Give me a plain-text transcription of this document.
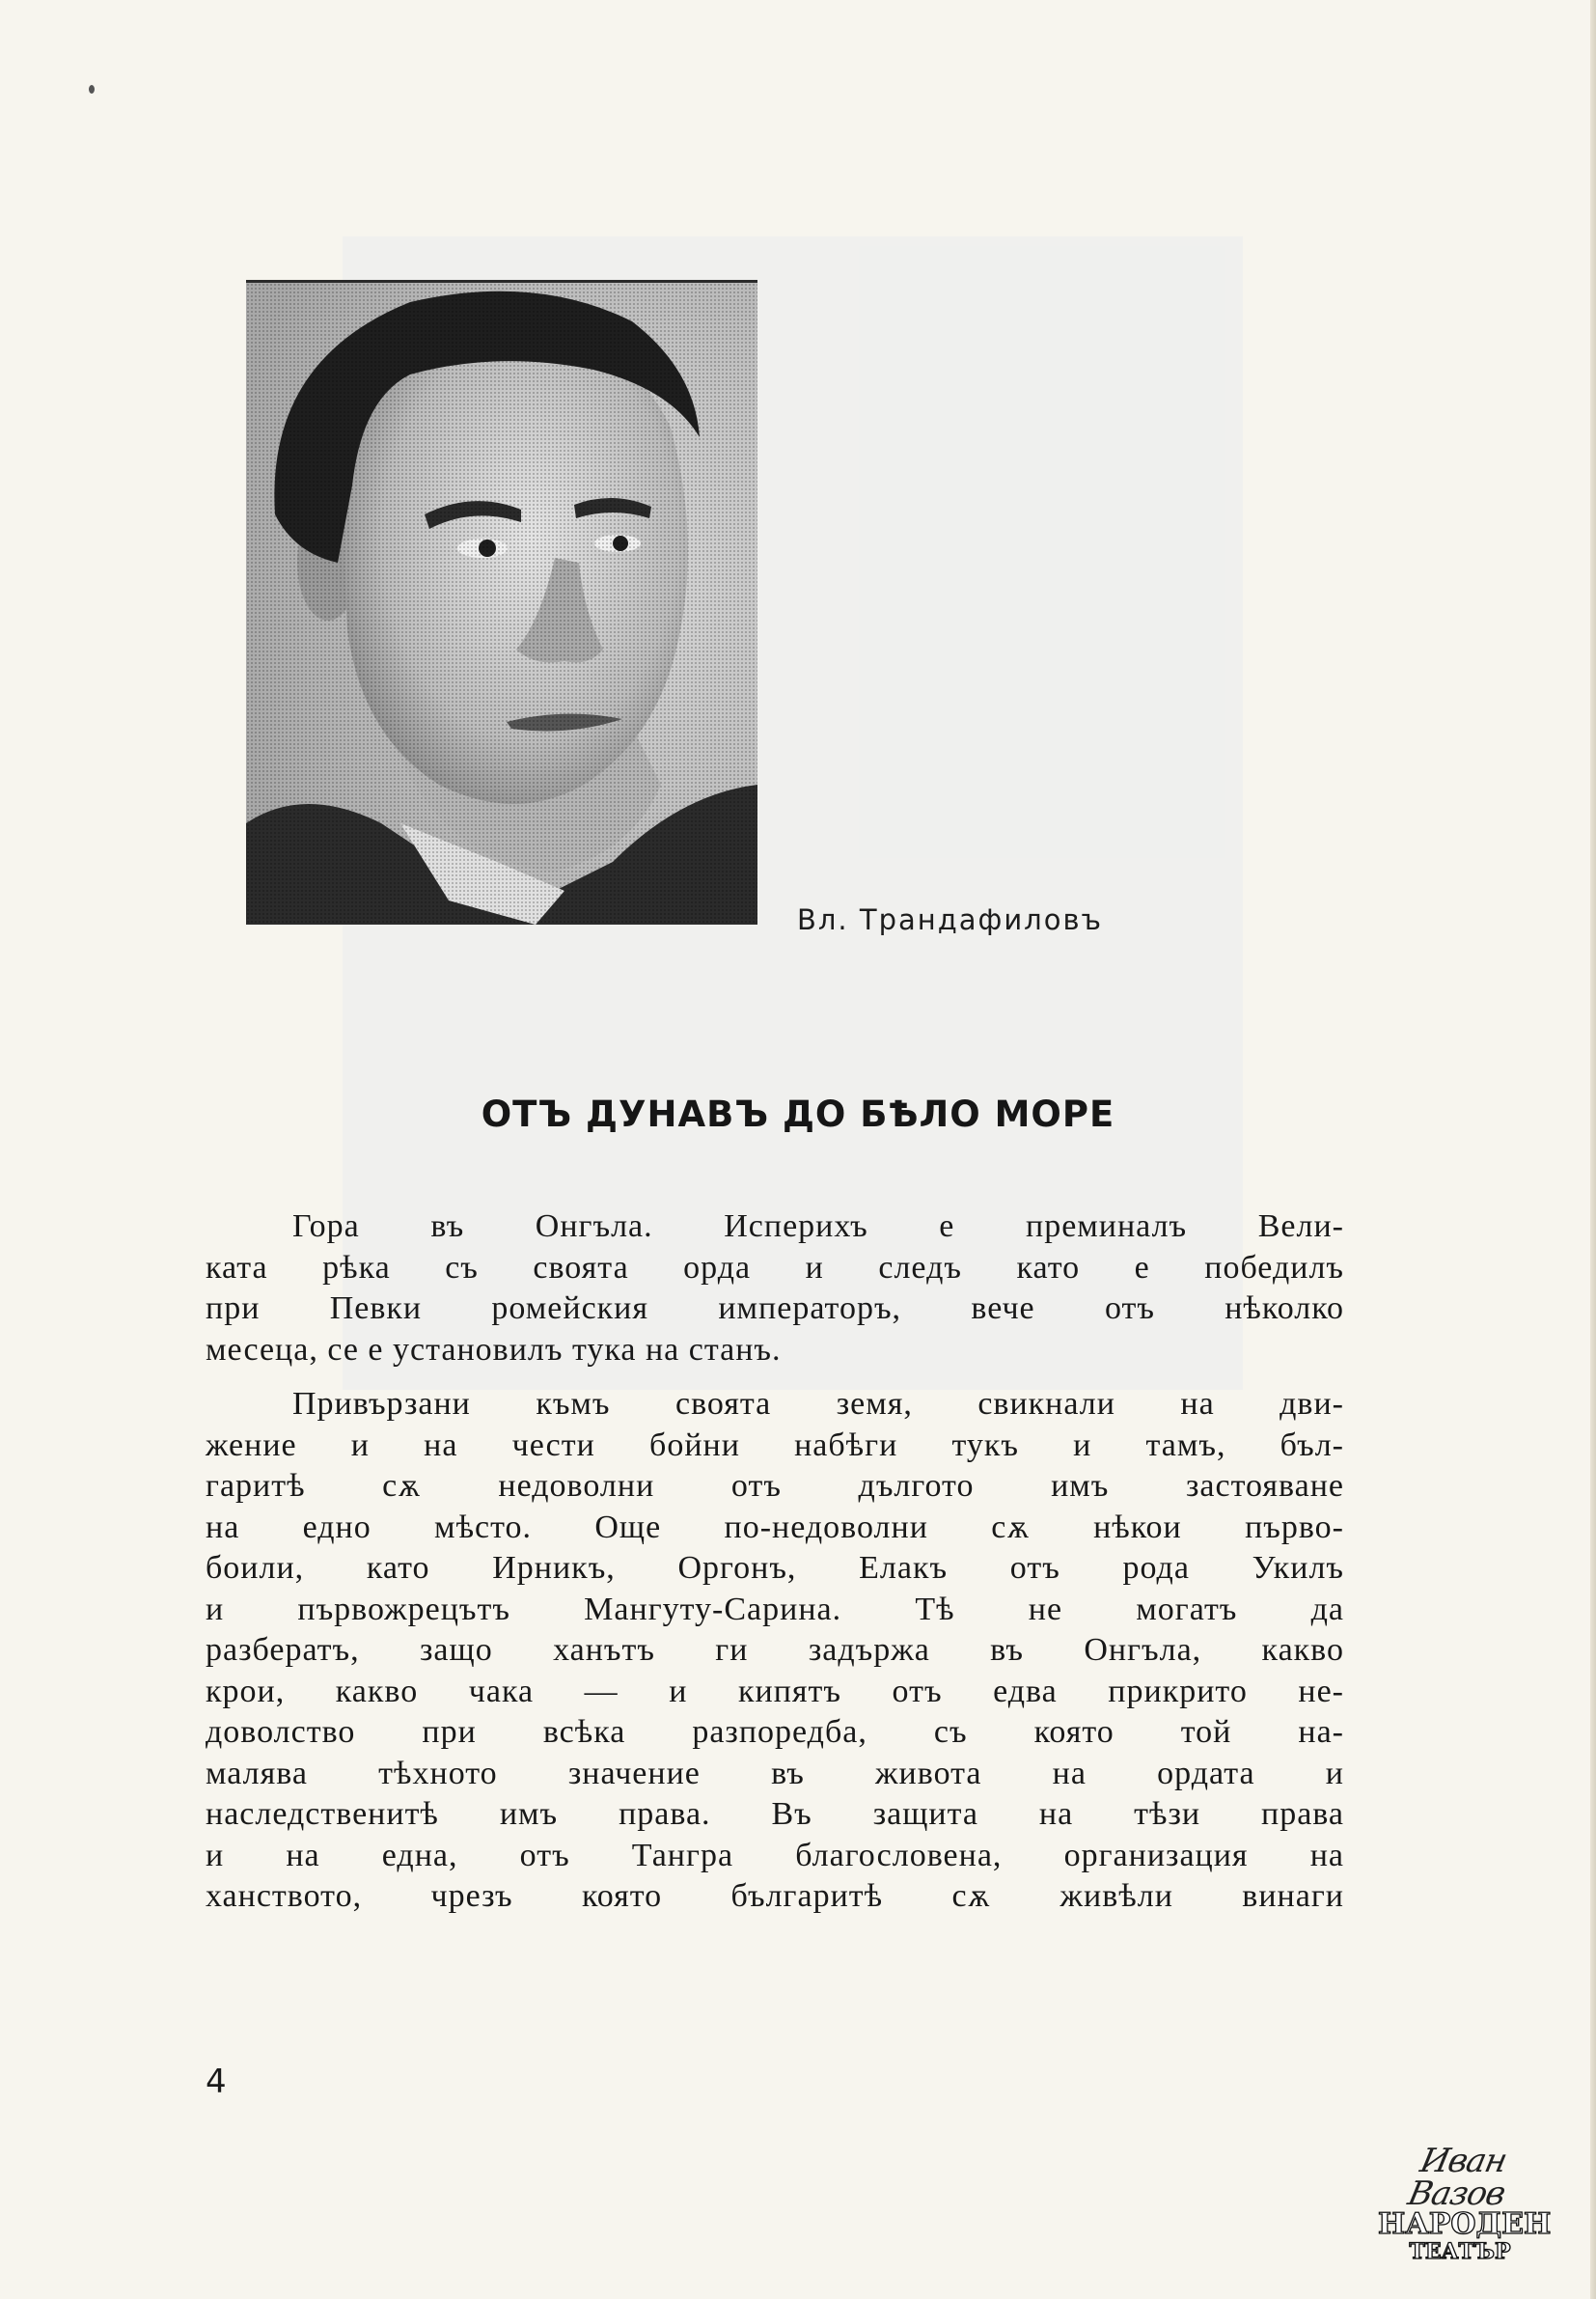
Вл. Трандафиловъ
ОТЪ ДУНАВЪ ДО БѢЛО МОРЕ

Гора въ Онгъла. Исперихъ е преминалъ Вели-
ката рѣка съ своята орда и следъ като е победилъ
при Певки ромейския императоръ, вече отъ нѣколко
месеца, се е установилъ тука на станъ.

Привързани къмъ своята земя, свикнали на дви-
жение и на чести бойни набѣги тукъ и тамъ, бъл-
гаритѣ сѫ недоволни отъ дългото имъ застояване
на едно мѣсто. Още по-недоволни сѫ нѣкои първо-
боили, като Ирникъ, Оргонъ, Елакъ отъ рода Укилъ
и първожрецътъ Мангуту-Сарина. Тѣ не могатъ да
разбератъ, защо ханътъ ги задържа въ Онгъла, какво
крои, какво чака — и кипятъ отъ едва прикрито не-
доволство при всѣка разпоредба, съ която той на-
малява тѣхното значение въ живота на ордата и
наследственитѣ имъ права. Въ защита на тѣзи права
и на една, отъ Тангра благословена, организация на
ханството, чрезъ която българитѣ сѫ живѣли винаги

4
Иван Вазов
НАРОДЕН
ТЕАТЪР
